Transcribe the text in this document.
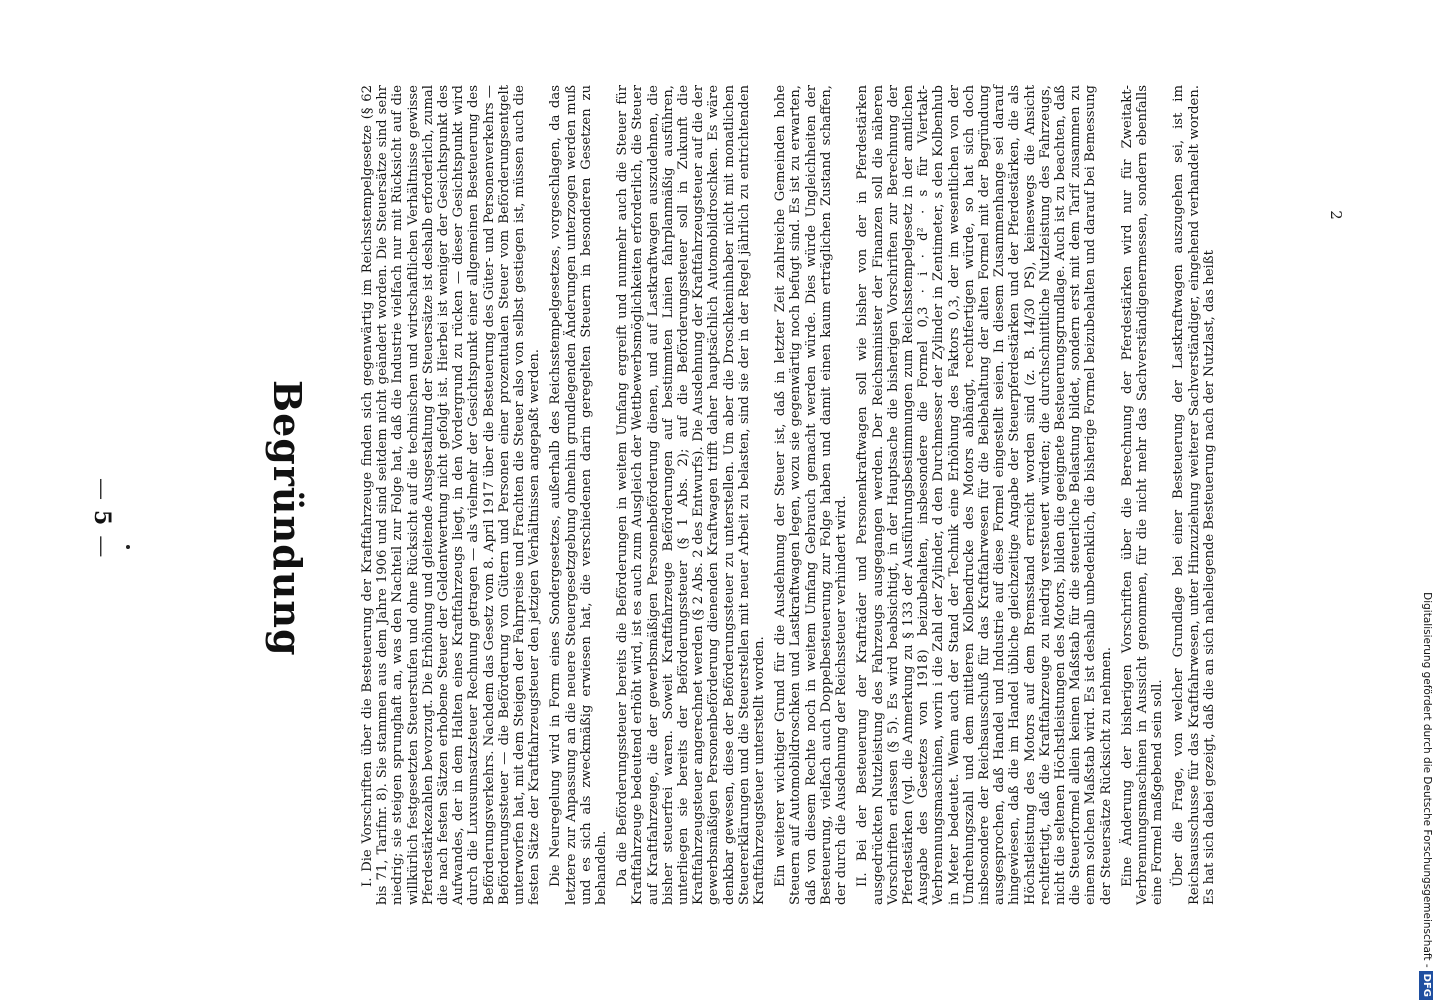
— 5 —	Begründung	I. Die Vorschriften über die Besteuerung der Kraftfahrzeuge finden sich gegenwärtig im Reichsstempelgesetze (§ 62 bis 71, Tarifnr. 8). Sie stammen aus dem Jahre 1906 und sind seitdem nicht geändert worden. Die Steuersätze sind sehr niedrig; sie steigen sprunghaft an, was den Nachteil zur Folge hat, daß die Industrie vielfach nur mit Rücksicht auf die willkürlich festgesetzten Steuerstufen und ohne Rücksicht auf die technischen und wirtschaftlichen Verhältnisse gewisse Pferdestärkezahlen bevorzugt. Die Erhöhung und gleitende Ausgestaltung der Steuersätze ist deshalb erforderlich, zumal die nach festen Sätzen erhobene Steuer der Geldentwertung nicht gefolgt ist. Hierbei ist weniger der Gesichtspunkt des Aufwandes, der in dem Halten eines Kraftfahrzeugs liegt, in den Vordergrund zu rücken — dieser Gesichtspunkt wird durch die Luxusumsatzsteuer Rechnung getragen — als vielmehr der Gesichtspunkt einer allgemeinen Besteuerung des Beförderungsverkehrs. Nachdem das Gesetz vom 8. April 1917 über die Besteuerung des Güter- und Personenverkehrs — Beförderungssteuer — die Beförderung von Gütern und Personen einer prozentualen Steuer vom Beförderungsentgelt unterworfen hat, mit dem Steigen der Fahrpreise und Frachten die Steuer also von selbst gestiegen ist, müssen auch die festen Sätze der Kraftfahrzeugsteuer den jetzigen Verhältnissen angepaßt werden. Die Neuregelung wird in Form eines Sondergesetzes, außerhalb des Reichsstempelgesetzes, vorgeschlagen, da das letztere zur Anpassung an die neuere Steuergesetzgebung ohnehin grundlegenden Änderungen unterzogen werden muß und es sich als zweckmäßig erwiesen hat, die verschiedenen darin geregelten Steuern in besonderen Gesetzen zu behandeln. Da die Beförderungssteuer bereits die Beförderungen in weitem Umfang ergreift und nunmehr auch die Steuer für Kraftfahrzeuge bedeutend erhöht wird, ist es auch zum Ausgleich der Wettbewerbsmöglichkeiten erforderlich, die Steuer auf Kraftfahrzeuge, die der gewerbsmäßigen Personenbeförderung dienen, und auf Lastkraftwagen auszudehnen, die bisher steuerfrei waren. Soweit Kraftfahrzeuge Beförderungen auf bestimmten Linien fahrplanmäßig ausführen, unterliegen sie bereits der Beförderungssteuer (§ 1 Abs. 2); auf die Beförderungssteuer soll in Zukunft die Kraftfahrzeugsteuer angerechnet werden (§ 2 Abs. 2 des Entwurfs). Die Ausdehnung der Kraftfahrzeugsteuer auf die der gewerbsmäßigen Personenbeförderung dienenden Kraftwagen trifft daher hauptsächlich Automobildroschken. Es wäre denkbar gewesen, diese der Beförderungssteuer zu unterstellen. Um aber die Droschkeninhaber nicht mit monatlichen Steuererklärungen und die Steuerstellen mit neuer Arbeit zu belasten, sind sie der in der Regel jährlich zu entrichtenden Kraftfahrzeugsteuer unterstellt worden. Ein weiterer wichtiger Grund für die Ausdehnung der Steuer ist, daß in letzter Zeit zahlreiche Gemeinden hohe Steuern auf Automobildroschken und Lastkraftwagen legen, wozu sie gegenwärtig noch befugt sind. Es ist zu erwarten, daß von diesem Rechte noch in weitem Umfang Gebrauch gemacht werden würde. Dies würde Ungleichheiten der Besteuerung, vielfach auch Doppelbesteuerung zur Folge haben und damit einen kaum erträglichen Zustand schaffen, der durch die Ausdehnung der Reichssteuer verhindert wird. II. Bei der Besteuerung der Krafträder und Personenkraftwagen soll wie bisher von der in Pferdestärken ausgedrückten Nutzleistung des Fahrzeugs ausgegangen werden. Der Reichsminister der Finanzen soll die näheren Vorschriften erlassen (§ 5). Es wird beabsichtigt, in der Hauptsache die bisherigen Vorschriften zur Berechnung der Pferdestärken (vgl. die Anmerkung zu § 133 der Ausführungsbestimmungen zum Reichsstempelgesetz in der amtlichen Ausgabe des Gesetzes von 1918) beizubehalten, insbesondere die Formel 0,3 · i · d² · s für Viertakt-Verbrennungsmaschinen, worin i die Zahl der Zylinder, d den Durchmesser der Zylinder in Zentimeter, s den Kolbenhub in Meter bedeutet. Wenn auch der Stand der Technik eine Erhöhung des Faktors 0,3, der im wesentlichen von der Umdrehungszahl und dem mittleren Kolbendrucke des Motors abhängt, rechtfertigen würde, so hat sich doch insbesondere der Reichsausschuß für das Kraftfahrwesen für die Beibehaltung der alten Formel mit der Begründung ausgesprochen, daß Handel und Industrie auf diese Formel eingestellt seien. In diesem Zusammenhange sei darauf hingewiesen, daß die im Handel übliche gleichzeitige Angabe der Steuerpferdestärken und der Pferdestärken, die als Höchstleistung des Motors auf dem Bremsstand erreicht worden sind (z. B. 14/30 PS), keineswegs die Ansicht rechtfertigt, daß die Kraftfahrzeuge zu niedrig versteuert würden; die durchschnittliche Nutzleistung des Fahrzeugs, nicht die seltenen Höchstleistungen des Motors, bilden die geeignete Besteuerungsgrundlage. Auch ist zu beachten, daß die Steuerformel allein keinen Maßstab für die steuerliche Belastung bildet, sondern erst mit dem Tarif zusammen zu einem solchen Maßstab wird. Es ist deshalb unbedenklich, die bisherige Formel beizubehalten und darauf bei Bemessung der Steuersätze Rücksicht zu nehmen. Eine Änderung der bisherigen Vorschriften über die Berechnung der Pferdestärken wird nur für Zweitakt-Verbrennungsmaschinen in Aussicht genommen, für die nicht mehr das Sachverständigenermessen, sondern ebenfalls eine Formel maßgebend sein soll. Über die Frage, von welcher Grundlage bei einer Besteuerung der Lastkraftwagen auszugehen sei, ist im Reichsausschusse für das Kraftfahrwesen, unter Hinzuziehung weiterer Sachverständiger, eingehend verhandelt worden. Es hat sich dabei gezeigt, daß die an sich naheliegende Besteuerung nach der Nutzlast, das heißt

2
Digitalisierung gefördert durch die Deutsche Forschungsgemeinschaft -DFG
